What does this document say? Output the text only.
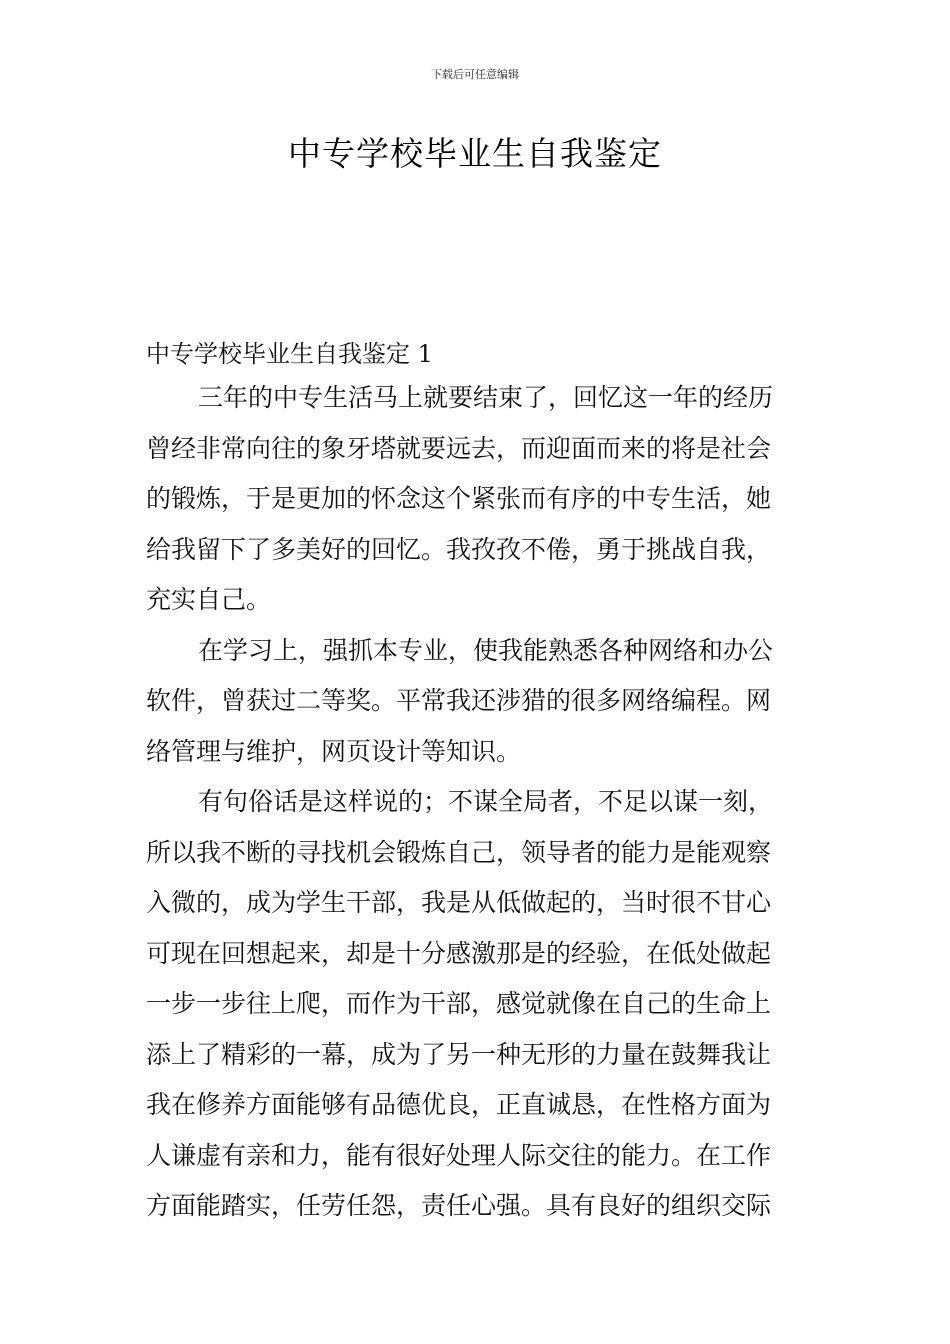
下载后可任意编辑
中专学校毕业生自我鉴定
中专学校毕业生自我鉴定 1
三年的中专生活马上就要结束了，回忆这一年的经历
曾经非常向往的象牙塔就要远去，而迎面而来的将是社会
的锻炼，于是更加的怀念这个紧张而有序的中专生活，她
给我留下了多美好的回忆。我孜孜不倦，勇于挑战自我，
充实自己。
在学习上，强抓本专业，使我能熟悉各种网络和办公
软件，曾获过二等奖。平常我还涉猎的很多网络编程。网
络管理与维护，网页设计等知识。
有句俗话是这样说的；不谋全局者，不足以谋一刻，
所以我不断的寻找机会锻炼自己，领导者的能力是能观察
入微的，成为学生干部，我是从低做起的，当时很不甘心
可现在回想起来，却是十分感激那是的经验，在低处做起
一步一步往上爬，而作为干部，感觉就像在自己的生命上
添上了精彩的一幕，成为了另一种无形的力量在鼓舞我让
我在修养方面能够有品德优良，正直诚恳，在性格方面为
人谦虚有亲和力，能有很好处理人际交往的能力。在工作
方面能踏实，任劳任怨，责任心强。具有良好的组织交际
